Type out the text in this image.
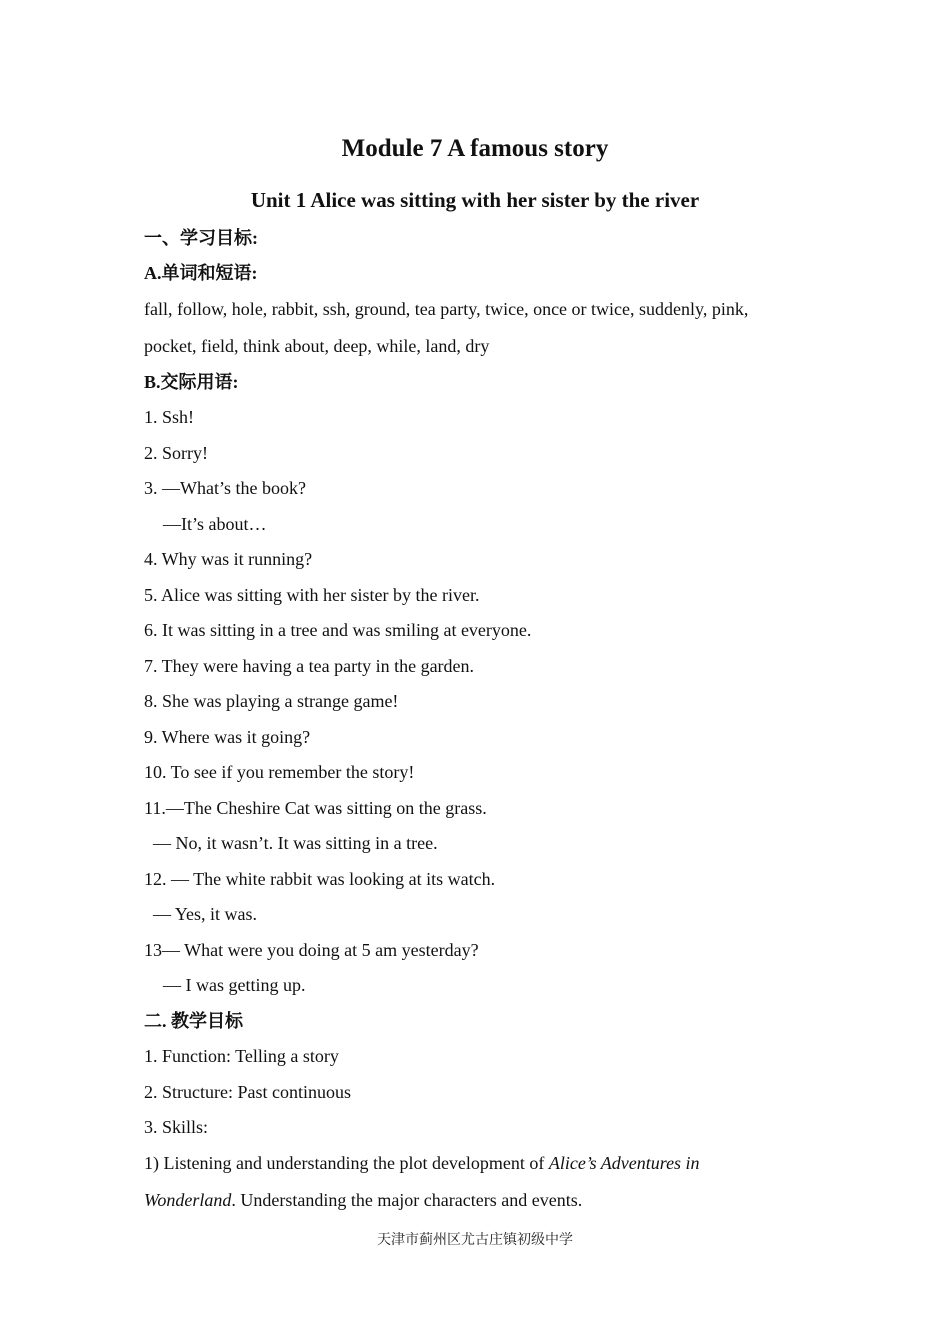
Module 7 A famous story
Unit 1 Alice was sitting with her sister by the river
一、学习目标:
A.单词和短语:
fall, follow, hole, rabbit, ssh, ground, tea party, twice, once or twice, suddenly, pink,
pocket, field, think about, deep, while, land, dry
B.交际用语:
1. Ssh!
2. Sorry!
3. —What’s the book?
—It’s about…
4. Why was it running?
5. Alice was sitting with her sister by the river.
6. It was sitting in a tree and was smiling at everyone.
7. They were having a tea party in the garden.
8. She was playing a strange game!
9. Where was it going?
10. To see if you remember the story!
11.—The Cheshire Cat was sitting on the grass.
— No, it wasn’t. It was sitting in a tree.
12. — The white rabbit was looking at its watch.
— Yes, it was.
13— What were you doing at 5 am yesterday?
— I was getting up.
二. 教学目标
1. Function: Telling a story
2. Structure: Past continuous
3. Skills:
1) Listening and understanding the plot development of Alice’s Adventures in
Wonderland. Understanding the major characters and events.
天津市蓟州区尤古庄镇初级中学
